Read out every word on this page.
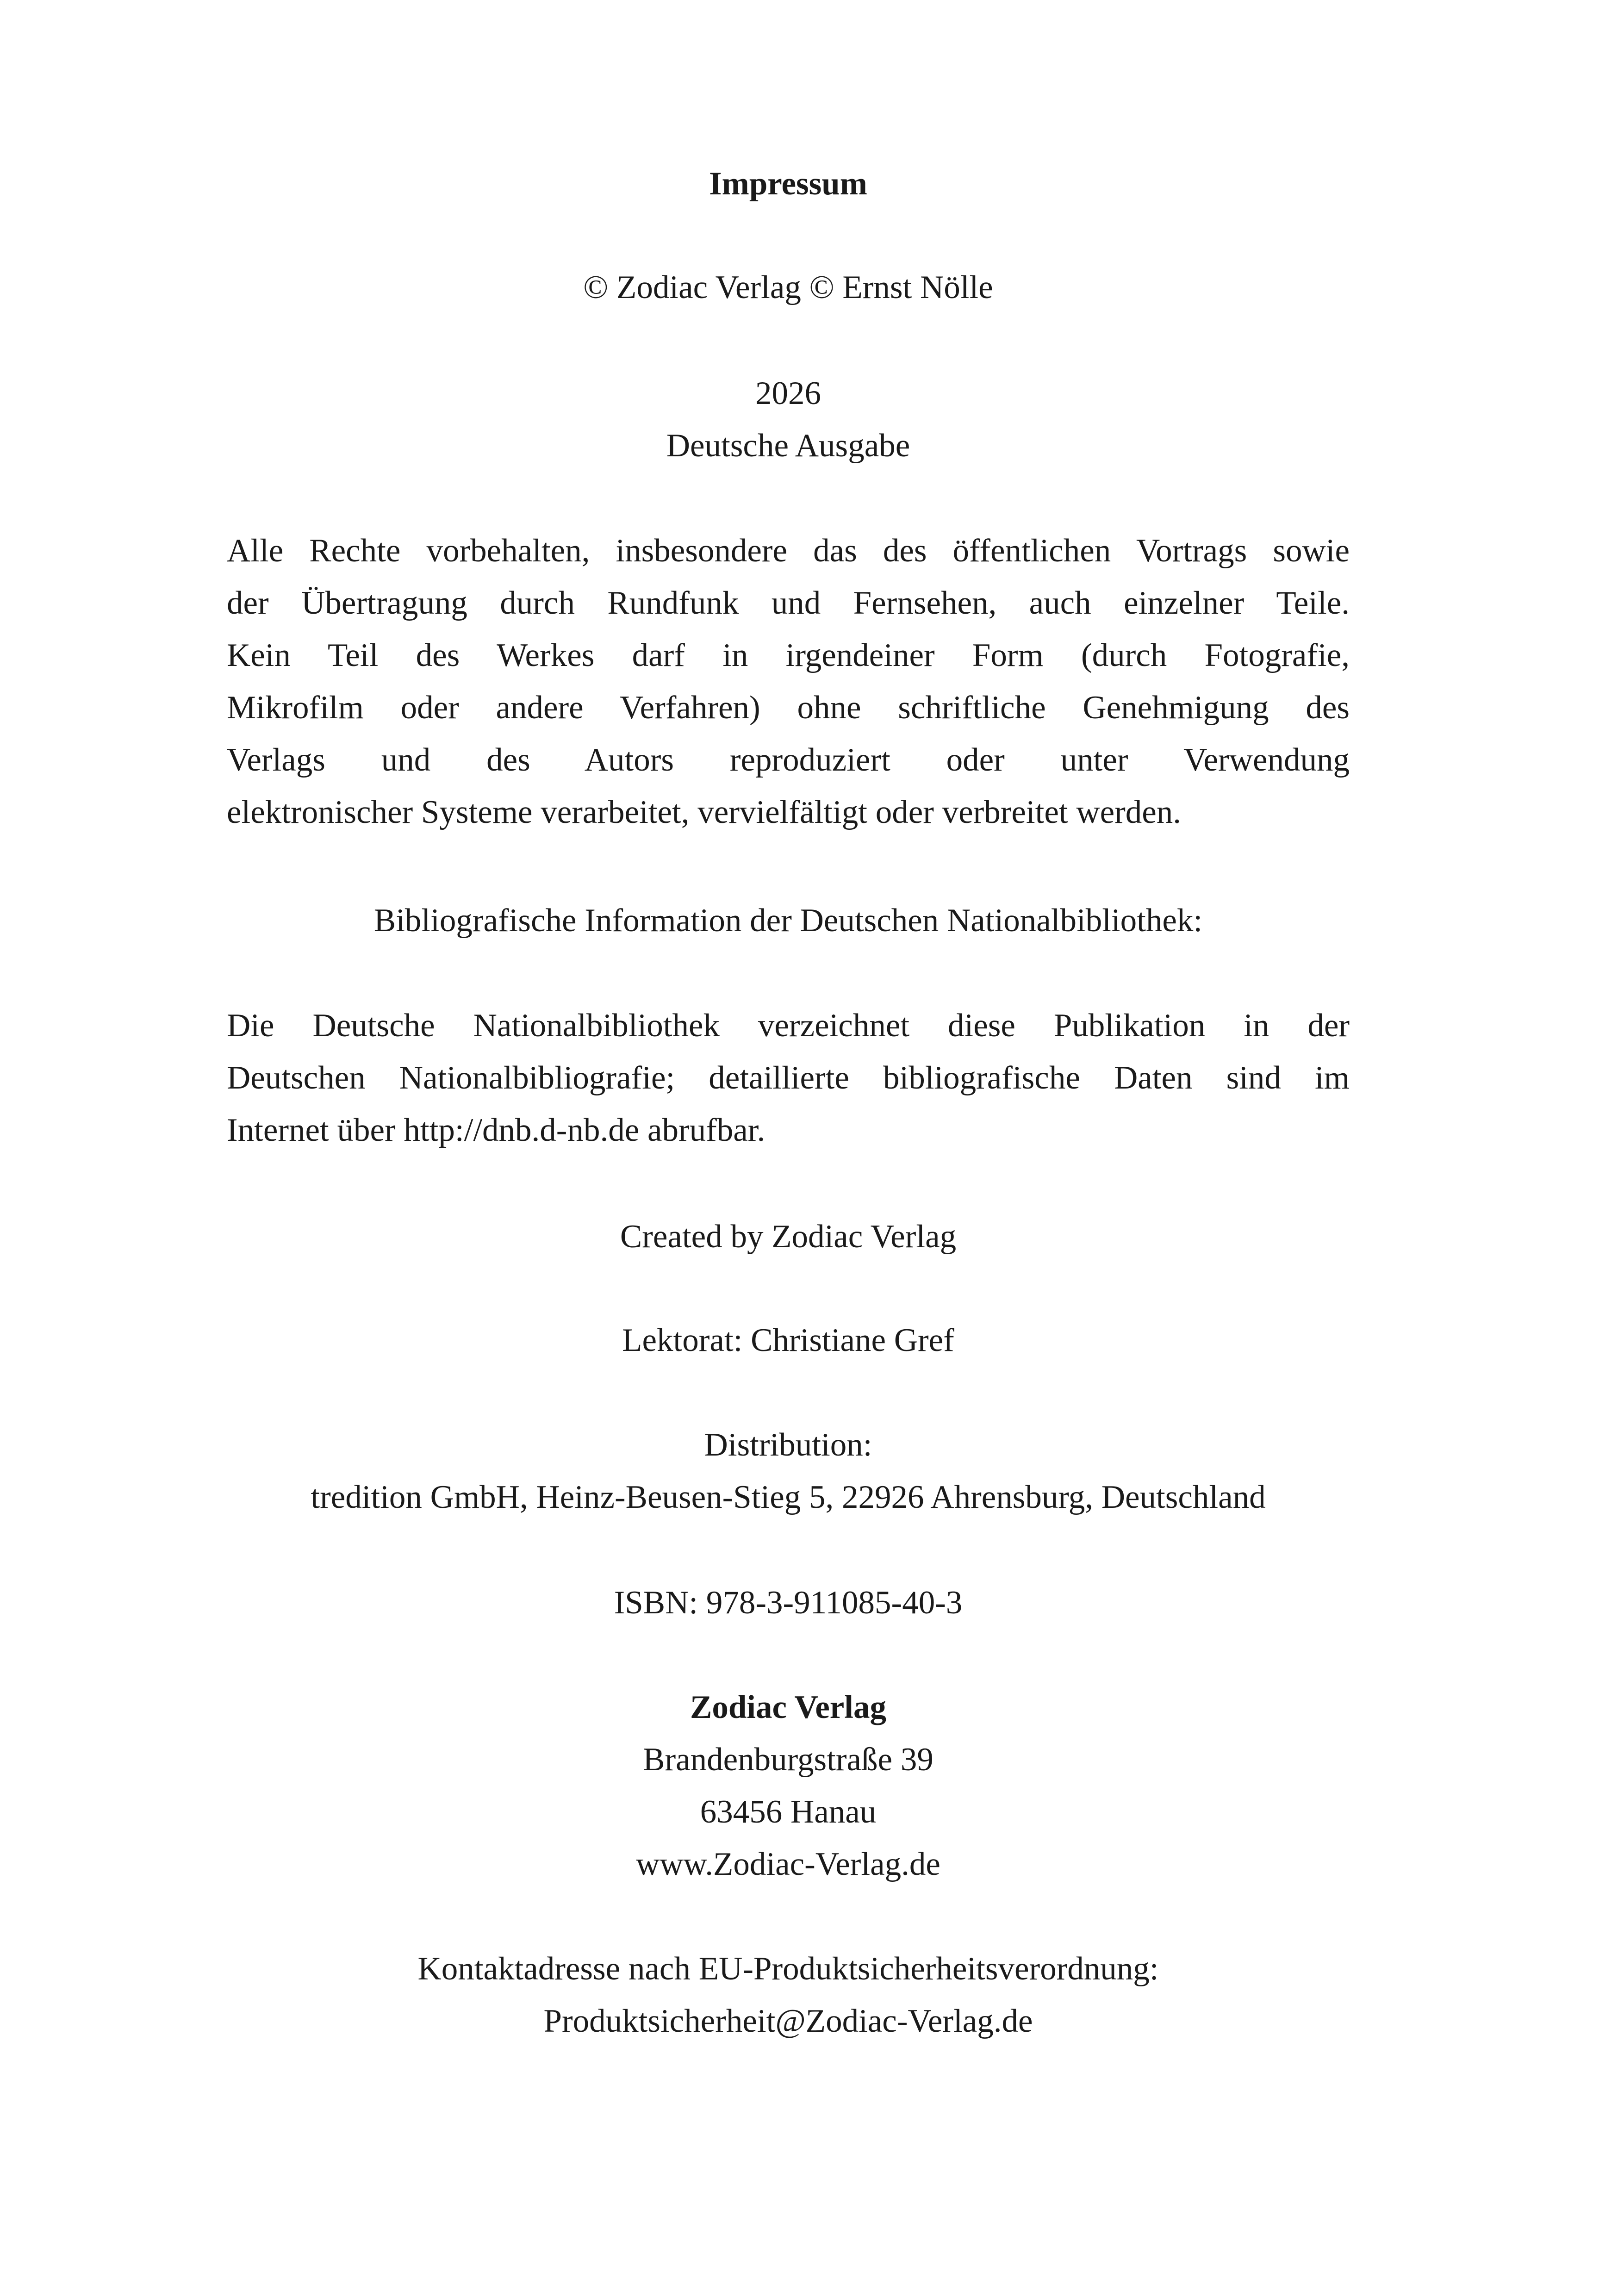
Impressum
© Zodiac Verlag © Ernst Nölle
2026
Deutsche Ausgabe
Alle Rechte vorbehalten, insbesondere das des öffentlichen Vortrags sowie
der Übertragung durch Rundfunk und Fernsehen, auch einzelner Teile.
Kein Teil des Werkes darf in irgendeiner Form (durch Fotografie,
Mikrofilm oder andere Verfahren) ohne schriftliche Genehmigung des
Verlags und des Autors reproduziert oder unter Verwendung
elektronischer Systeme verarbeitet, vervielfältigt oder verbreitet werden.
Bibliografische Information der Deutschen Nationalbibliothek:
Die Deutsche Nationalbibliothek verzeichnet diese Publikation in der
Deutschen Nationalbibliografie; detaillierte bibliografische Daten sind im
Internet über http://dnb.d-nb.de abrufbar.
Created by Zodiac Verlag
Lektorat: Christiane Gref
Distribution:
tredition GmbH, Heinz-Beusen-Stieg 5, 22926 Ahrensburg, Deutschland
ISBN: 978-3-911085-40-3
Zodiac Verlag
Brandenburgstraße 39
63456 Hanau
www.Zodiac-Verlag.de
Kontaktadresse nach EU-Produktsicherheitsverordnung:
Produktsicherheit@Zodiac-Verlag.de
